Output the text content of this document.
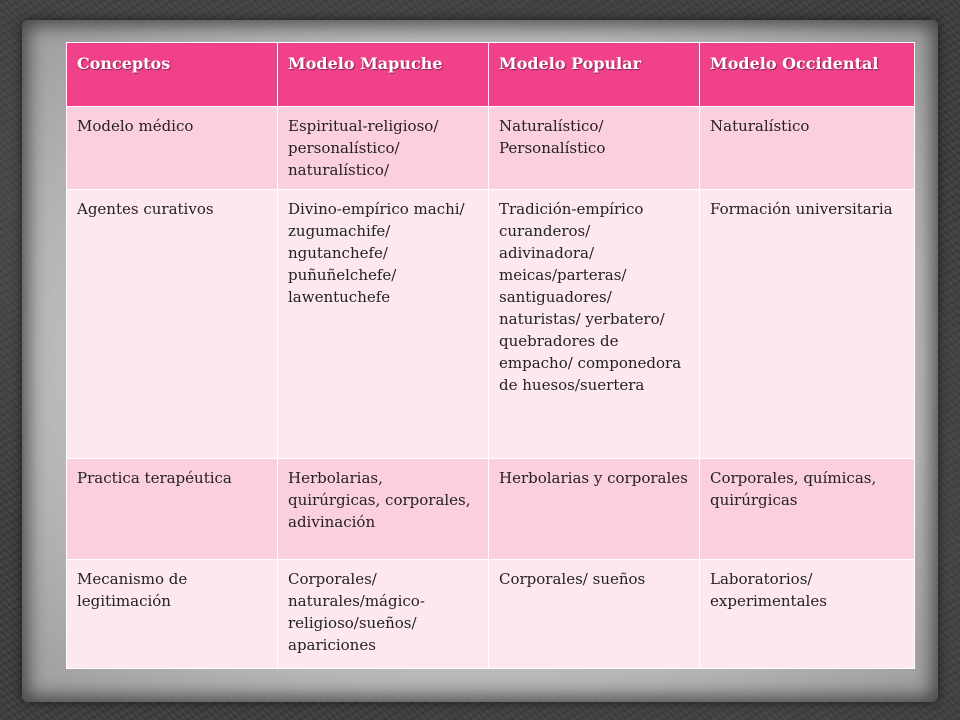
Conceptos	Modelo Mapuche	Modelo Popular	Modelo Occidental
Modelo médico	Espiritual-religioso/ personalístico/ naturalístico/	Naturalístico/ Personalístico	Naturalístico
Agentes curativos	Divino-empírico machi/ zugumachife/ ngutanchefe/ puñuñelchefe/ lawentuchefe	Tradición-empírico curanderos/ adivinadora/ meicas/parteras/ santiguadores/ naturistas/ yerbatero/ quebradores de empacho/ componedora de huesos/suertera	Formación universitaria
Practica terapéutica	Herbolarias, quirúrgicas, corporales, adivinación	Herbolarias y corporales	Corporales, químicas, quirúrgicas
Mecanismo de legitimación	Corporales/ naturales/mágico-religioso/sueños/ apariciones	Corporales/ sueños	Laboratorios/ experimentales
